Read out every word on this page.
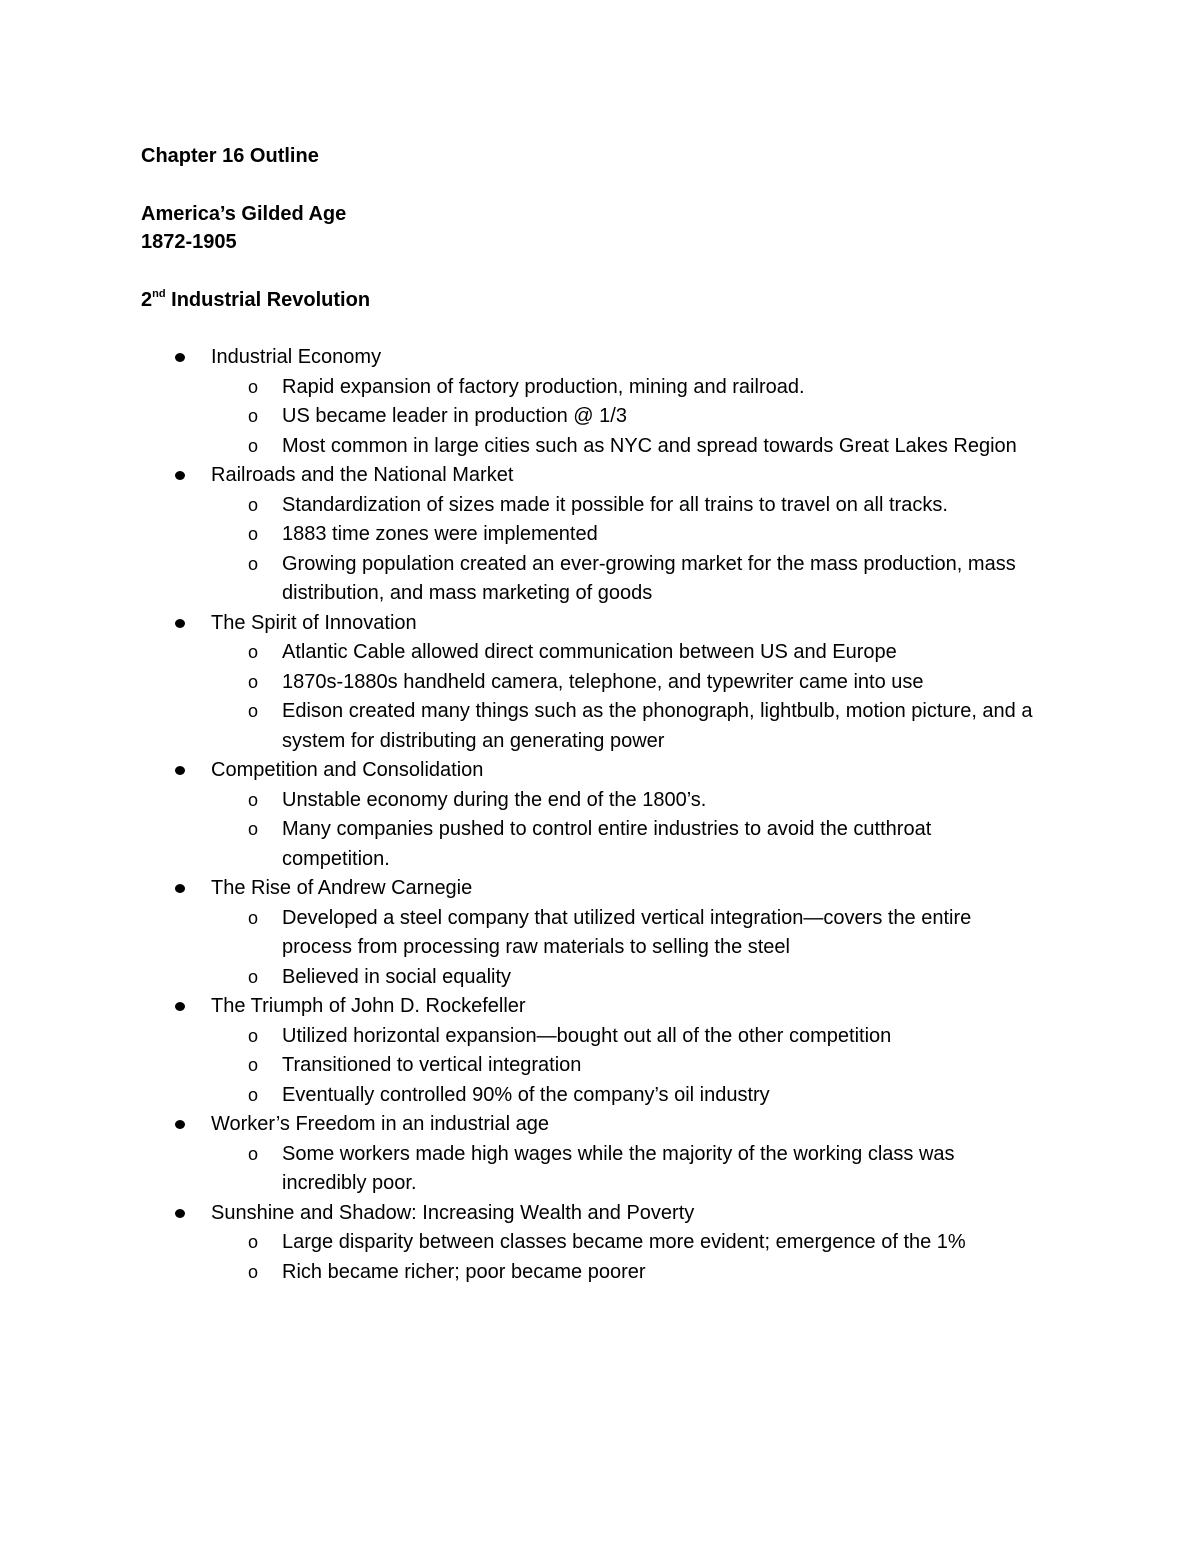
Chapter 16 Outline
America’s Gilded Age
1872-1905
2nd Industrial Revolution
Industrial Economy
o Rapid expansion of factory production, mining and railroad.
o US became leader in production @ 1/3
o Most common in large cities such as NYC and spread towards Great Lakes Region
Railroads and the National Market
o Standardization of sizes made it possible for all trains to travel on all tracks.
o 1883 time zones were implemented
o Growing population created an ever-growing market for the mass production, mass distribution, and mass marketing of goods
The Spirit of Innovation
o Atlantic Cable allowed direct communication between US and Europe
o 1870s-1880s handheld camera, telephone, and typewriter came into use
o Edison created many things such as the phonograph, lightbulb, motion picture, and a system for distributing an generating power
Competition and Consolidation
o Unstable economy during the end of the 1800’s.
o Many companies pushed to control entire industries to avoid the cutthroat competition.
The Rise of Andrew Carnegie
o Developed a steel company that utilized vertical integration—covers the entire process from processing raw materials to selling the steel
o Believed in social equality
The Triumph of John D. Rockefeller
o Utilized horizontal expansion—bought out all of the other competition
o Transitioned to vertical integration
o Eventually controlled 90% of the company’s oil industry
Worker’s Freedom in an industrial age
o Some workers made high wages while the majority of the working class was incredibly poor.
Sunshine and Shadow: Increasing Wealth and Poverty
o Large disparity between classes became more evident; emergence of the 1%
o Rich became richer; poor became poorer
